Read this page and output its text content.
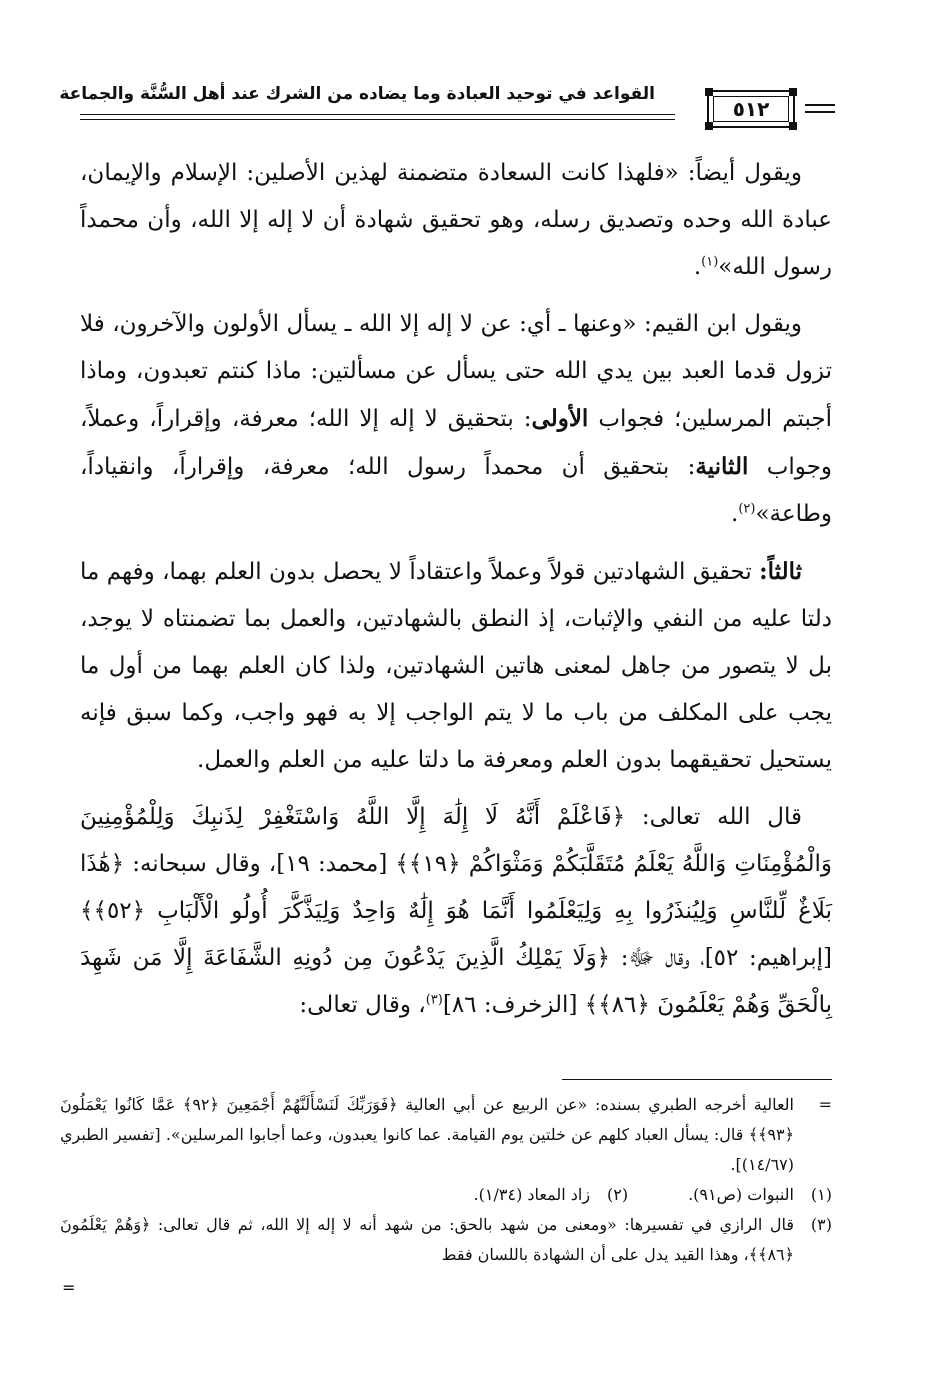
القواعد في توحيد العبادة وما يضاده من الشرك عند أهل السُّنَّة والجماعة
٥١٢

ويقول أيضاً: «فلهذا كانت السعادة متضمنة لهذين الأصلين: الإسلام والإيمان، عبادة الله وحده وتصديق رسله، وهو تحقيق شهادة أن لا إله إلا الله، وأن محمداً رسول الله»$^{(١)}$.

ويقول ابن القيم: «وعنها ـ أي: عن لا إله إلا الله ـ يسأل الأولون والآخرون، فلا تزول قدما العبد بين يدي الله حتى يسأل عن مسألتين: ماذا كنتم تعبدون، وماذا أجبتم المرسلين؛ فجواب الأولى: بتحقيق لا إله إلا الله؛ معرفة، وإقراراً، وعملاً، وجواب الثانية: بتحقيق أن محمداً رسول الله؛ معرفة، وإقراراً، وانقياداً، وطاعة»$^{(٢)}$.

ثالثاً: تحقيق الشهادتين قولاً وعملاً واعتقاداً لا يحصل بدون العلم بهما، وفهم ما دلتا عليه من النفي والإثبات، إذ النطق بالشهادتين، والعمل بما تضمنتاه لا يوجد، بل لا يتصور من جاهل لمعنى هاتين الشهادتين، ولذا كان العلم بهما من أول ما يجب على المكلف من باب ما لا يتم الواجب إلا به فهو واجب، وكما سبق فإنه يستحيل تحقيقهما بدون العلم ومعرفة ما دلتا عليه من العلم والعمل.

قال الله تعالى: ﴿فَاعْلَمْ أَنَّهُ لَا إِلَٰهَ إِلَّا اللَّهُ وَاسْتَغْفِرْ لِذَنبِكَ وَلِلْمُؤْمِنِينَ وَالْمُؤْمِنَاتِ وَاللَّهُ يَعْلَمُ مُتَقَلَّبَكُمْ وَمَثْوَاكُمْ ﴿١٩﴾﴾ [محمد: ١٩]، وقال سبحانه: ﴿هَٰذَا بَلَاغٌ لِّلنَّاسِ وَلِيُنذَرُوا بِهِ وَلِيَعْلَمُوا أَنَّمَا هُوَ إِلَٰهٌ وَاحِدٌ وَلِيَذَّكَّرَ أُولُو الْأَلْبَابِ ﴿٥٢﴾﴾ [إبراهيم: ٥٢]، وقال ﷻ: ﴿وَلَا يَمْلِكُ الَّذِينَ يَدْعُونَ مِن دُونِهِ الشَّفَاعَةَ إِلَّا مَن شَهِدَ بِالْحَقِّ وَهُمْ يَعْلَمُونَ ﴿٨٦﴾﴾ [الزخرف: ٨٦]$^{(٣)}$، وقال تعالى:

=
العالية أخرجه الطبري بسنده: «عن الربيع عن أبي العالية ﴿فَوَرَبِّكَ لَنَسْأَلَنَّهُمْ أَجْمَعِينَ ﴿٩٢﴾ عَمَّا كَانُوا يَعْمَلُونَ ﴿٩٣﴾﴾ قال: يسأل العباد كلهم عن خلتين يوم القيامة. عما كانوا يعبدون، وعما أجابوا المرسلين». [تفسير الطبري (١٤/٦٧)].
(١)
النبوات (ص٩١).
(٢)
زاد المعاد (١/٣٤).
(٣)
قال الرازي في تفسيرها: «ومعنى من شهد بالحق: من شهد أنه لا إله إلا الله، ثم قال تعالى: ﴿وَهُمْ يَعْلَمُونَ ﴿٨٦﴾﴾، وهذا القيد يدل على أن الشهادة باللسان فقط
=
